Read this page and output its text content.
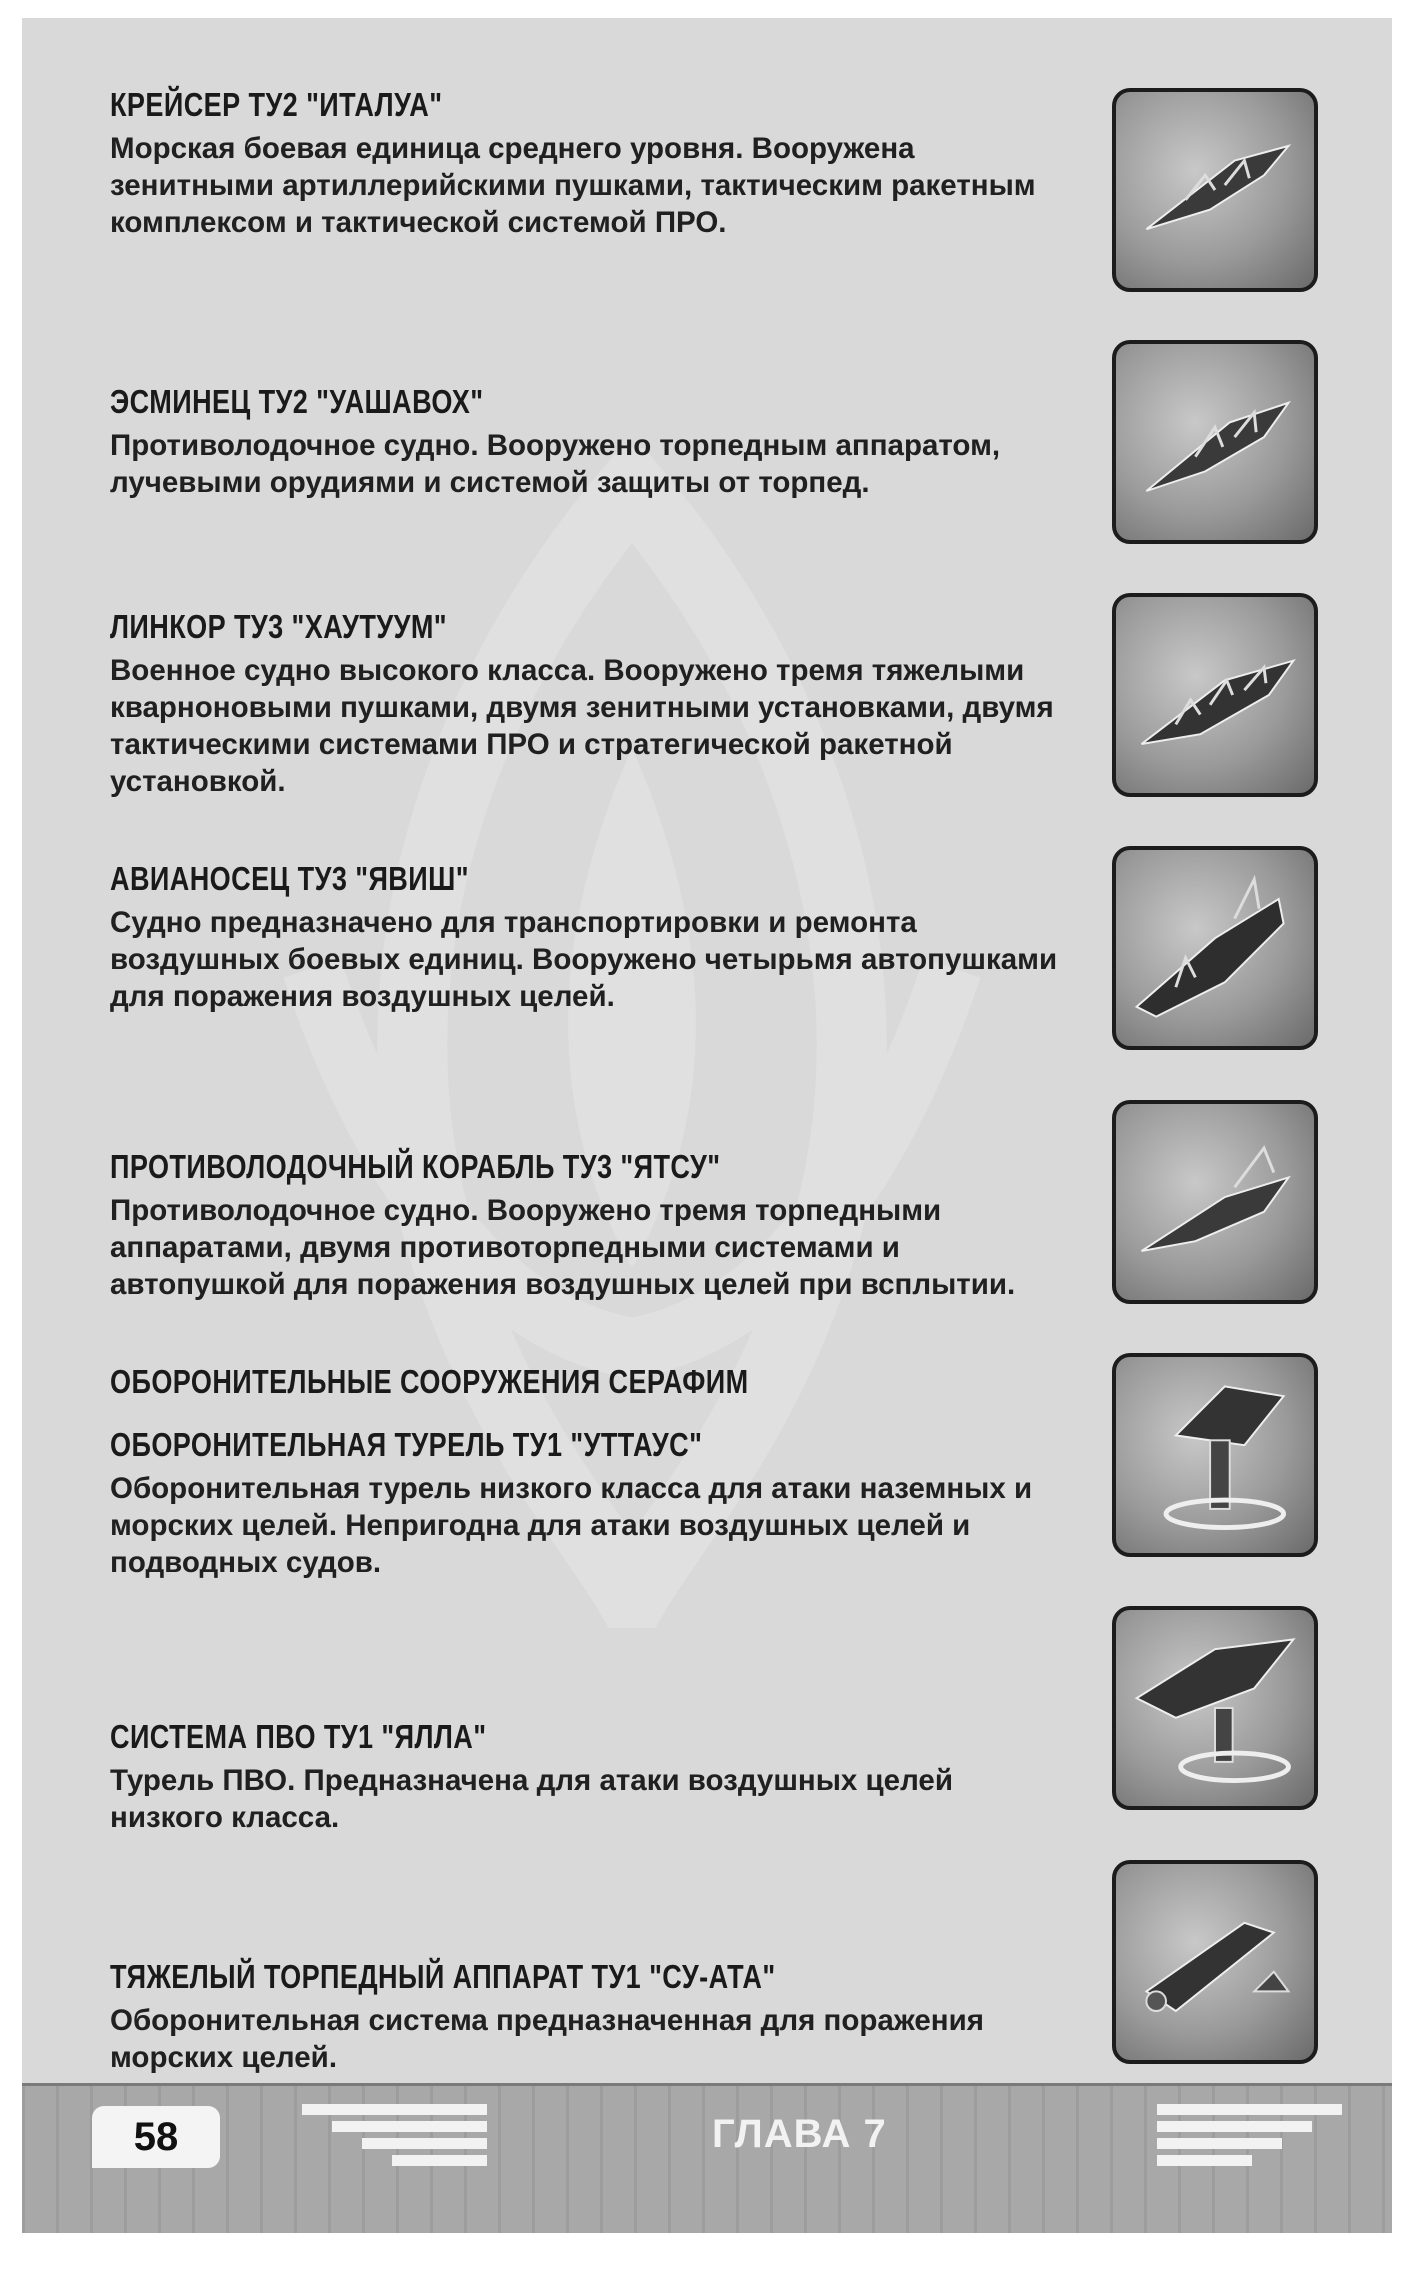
КРЕЙСЕР ТУ2 "ИТАЛУА"

Морская боевая единица среднего уровня. Вооружена зенитными артиллерийскими пушками, тактическим ракетным комплексом и тактической системой ПРО.

ЭСМИНЕЦ ТУ2 "УАШАВОХ"

Противолодочное судно. Вооружено торпедным аппаратом, лучевыми орудиями и системой защиты от торпед.

ЛИНКОР ТУ3 "ХАУТУУМ"

Военное судно высокого класса. Вооружено тремя тяжелыми кварноновыми пушками, двумя зенитными установками, двумя тактическими системами ПРО и стратегической ракетной установкой.

АВИАНОСЕЦ ТУ3 "ЯВИШ"

Судно предназначено для транспортировки и ремонта воздушных боевых единиц. Вооружено четырьмя автопушками для поражения воздушных целей.

ПРОТИВОЛОДОЧНЫЙ КОРАБЛЬ ТУ3 "ЯТСУ"

Противолодочное судно. Вооружено тремя торпедными аппаратами, двумя противоторпедными системами и автопушкой для поражения воздушных целей при всплытии.

ОБОРОНИТЕЛЬНЫЕ СООРУЖЕНИЯ СЕРАФИМ
ОБОРОНИТЕЛЬНАЯ ТУРЕЛЬ ТУ1 "УТТАУС"

Оборонительная турель низкого класса для атаки наземных и морских целей. Непригодна для атаки воздушных целей и подводных судов.

СИСТЕМА ПВО ТУ1 "ЯЛЛА"

Турель ПВО. Предназначена для атаки воздушных целей низкого класса.

ТЯЖЕЛЫЙ ТОРПЕДНЫЙ АППАРАТ ТУ1 "СУ-АТА"

Оборонительная система предназначенная для поражения морских целей.

58	ГЛАВА 7
